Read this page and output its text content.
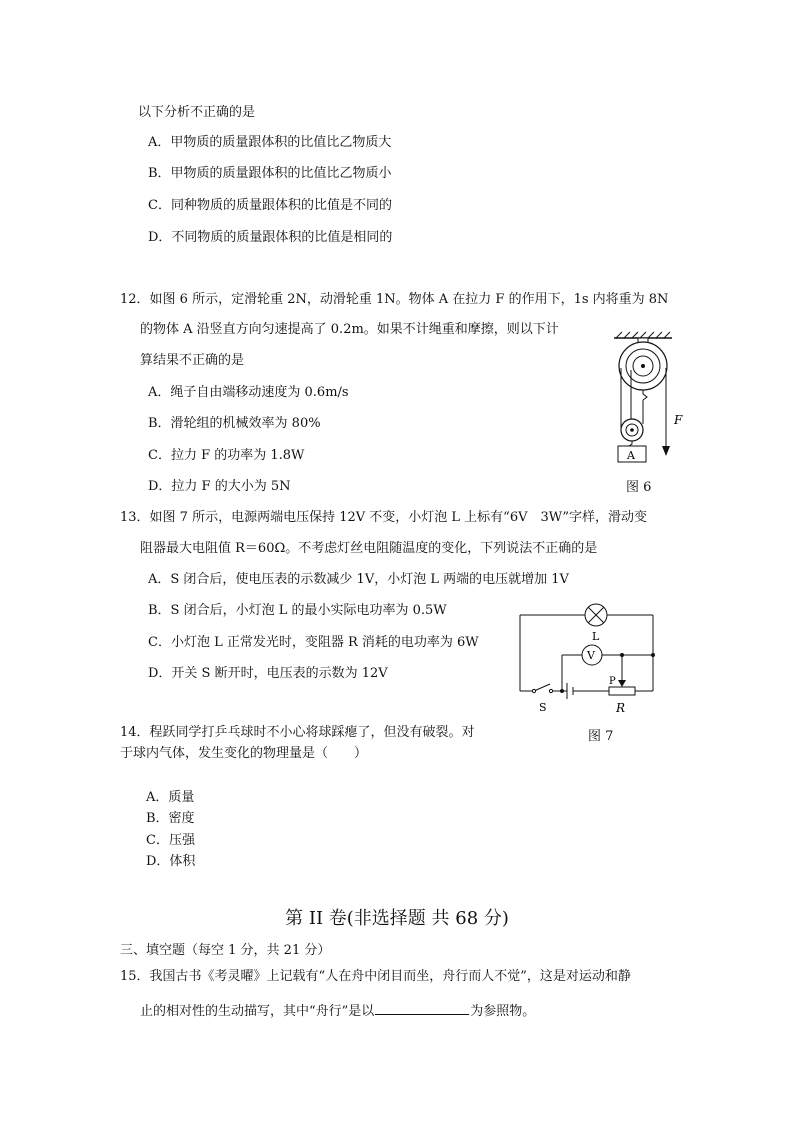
以下分析不正确的是
A．甲物质的质量跟体积的比值比乙物质大
B．甲物质的质量跟体积的比值比乙物质小
C．同种物质的质量跟体积的比值是不同的
D．不同物质的质量跟体积的比值是相同的
12．如图 6 所示，定滑轮重 2N，动滑轮重 1N。物体 A 在拉力 F 的作用下，1s 内将重为 8N
的物体 A 沿竖直方向匀速提高了 0.2m。如果不计绳重和摩擦，则以下计
算结果不正确的是
A．绳子自由端移动速度为 0.6m/s
B．滑轮组的机械效率为 80%
C．拉力 F 的功率为 1.8W
D．拉力 F 的大小为 5N
A
F
图 6
13．如图 7 所示，电源两端电压保持 12V 不变，小灯泡 L 上标有“6V　3W”字样，滑动变
阻器最大电阻值 R＝60Ω。不考虑灯丝电阻随温度的变化，下列说法不正确的是
A．S 闭合后，使电压表的示数减少 1V，小灯泡 L 两端的电压就增加 1V
B．S 闭合后，小灯泡 L 的最小实际电功率为 0.5W
C．小灯泡 L 正常发光时，变阻器 R 消耗的电功率为 6W
D．开关 S 断开时，电压表的示数为 12V
L
V
P
R
S
图 7
14．程跃同学打乒乓球时不小心将球踩瘪了，但没有破裂。对
于球内气体，发生变化的物理量是（　　）
A．质量
B．密度
C．压强
D．体积
第 II 卷(非选择题 共 68 分)
三、填空题（每空 1 分，共 21 分）
15．我国古书《考灵曜》上记载有“人在舟中闭目而坐，舟行而人不觉”，这是对运动和静
止的相对性的生动描写，其中“舟行”是以	为参照物。
